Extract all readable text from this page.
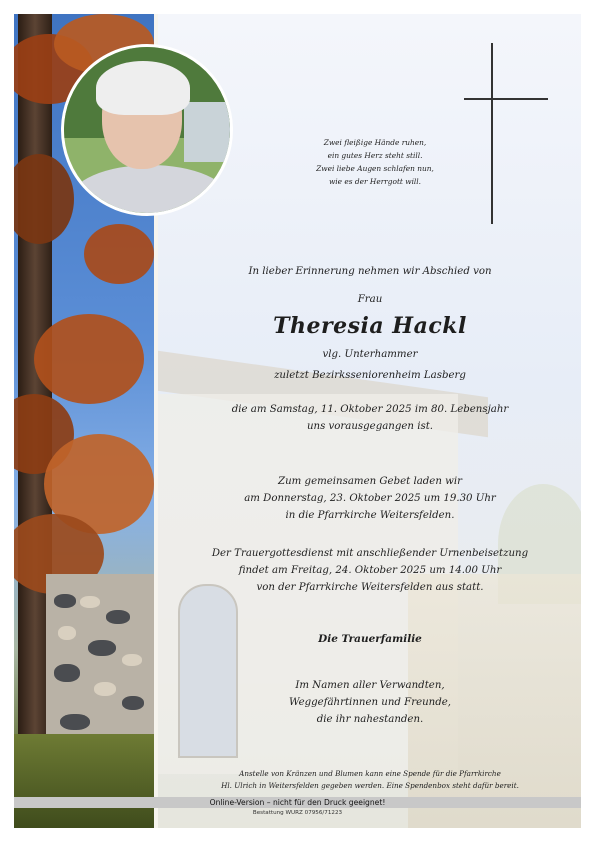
Zwei fleißige Hände ruhen,
ein gutes Herz steht still.
Zwei liebe Augen schlafen nun,
wie es der Herrgott will.
In lieber Erinnerung nehmen wir Abschied von
Frau
Theresia Hackl
vlg. Unterhammer
zuletzt Bezirksseniorenheim Lasberg
die am Samstag, 11. Oktober 2025 im 80. Lebensjahr
uns vorausgegangen ist.
Zum gemeinsamen Gebet laden wir
am Donnerstag, 23. Oktober 2025 um 19.30 Uhr
in die Pfarrkirche Weitersfelden.
Der Trauergottesdienst mit anschließender Urnenbeisetzung
findet am Freitag, 24. Oktober 2025 um 14.00 Uhr
von der Pfarrkirche Weitersfelden aus statt.
Die Trauerfamilie
Im Namen aller Verwandten,
Weggefährtinnen und Freunde,
die ihr nahestanden.
Anstelle von Kränzen und Blumen kann eine Spende für die Pfarrkirche
Hl. Ulrich in Weitersfelden gegeben werden. Eine Spendenbox steht dafür bereit.
Online-Version – nicht für den Druck geeignet!
Bestattung WURZ 07956/71223
